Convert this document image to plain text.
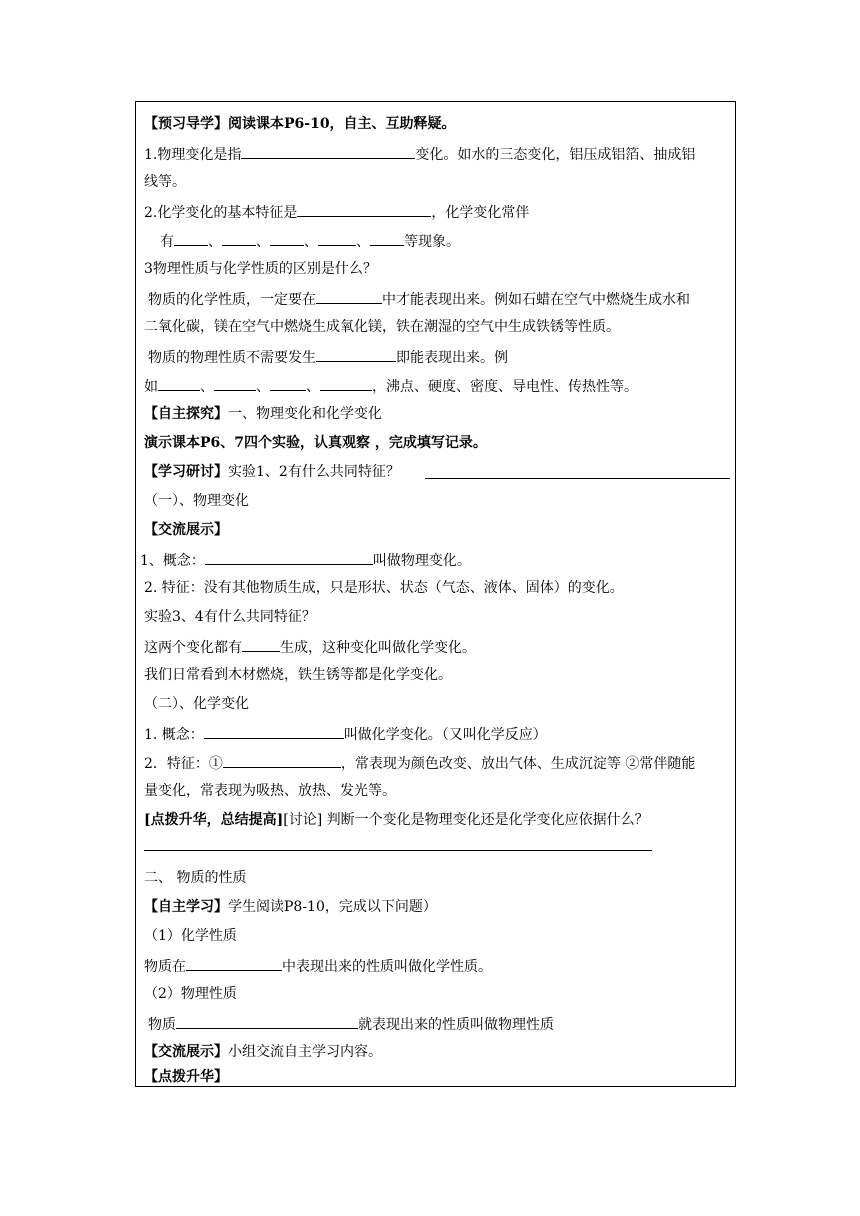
【预习导学】阅读课本P6-10，自主、互助释疑。
1.物理变化是指	变化。如水的三态变化，铝压成铝箔、抽成铝
线等。
2.化学变化的基本特征是	，化学变化常伴
有 、 、 、	、 等现象。
3物理性质与化学性质的区别是什么？
物质的化学性质，一定要在	中才能表现出来。例如石蜡在空气中燃烧生成水和
二氧化碳，镁在空气中燃烧生成氧化镁，铁在潮湿的空气中生成铁锈等性质。
物质的物理性质不需要发生	即能表现出来。例
如	、	、	、	，沸点、硬度、密度、导电性、传热性等。
【自主探究】一、物理变化和化学变化
演示课本P6、7四个实验，认真观察 ，完成填写记录。
【学习研讨】实验1、2有什么共同特征？
（一）、物理变化
【交流展示】
1、概念：	叫做物理变化。
2. 特征：没有其他物质生成，只是形状、状态（气态、液体、固体）的变化。
实验3、4有什么共同特征？
这两个变化都有	生成，这种变化叫做化学变化。
我们日常看到木材燃烧，铁生锈等都是化学变化。
（二）、化学变化
1. 概念：	叫做化学变化。（又叫化学反应）
2．特征：①	，常表现为颜色改变、放出气体、生成沉淀等 ②常伴随能
量变化，常表现为吸热、放热、发光等。
[点拨升华，总结提高][讨论] 判断一个变化是物理变化还是化学变化应依据什么？
二、 物质的性质
【自主学习】学生阅读P8-10，完成以下问题）
（1）化学性质
物质在	中表现出来的性质叫做化学性质。
（2）物理性质
物质	就表现出来的性质叫做物理性质
【交流展示】小组交流自主学习内容。
【点拨升华】
